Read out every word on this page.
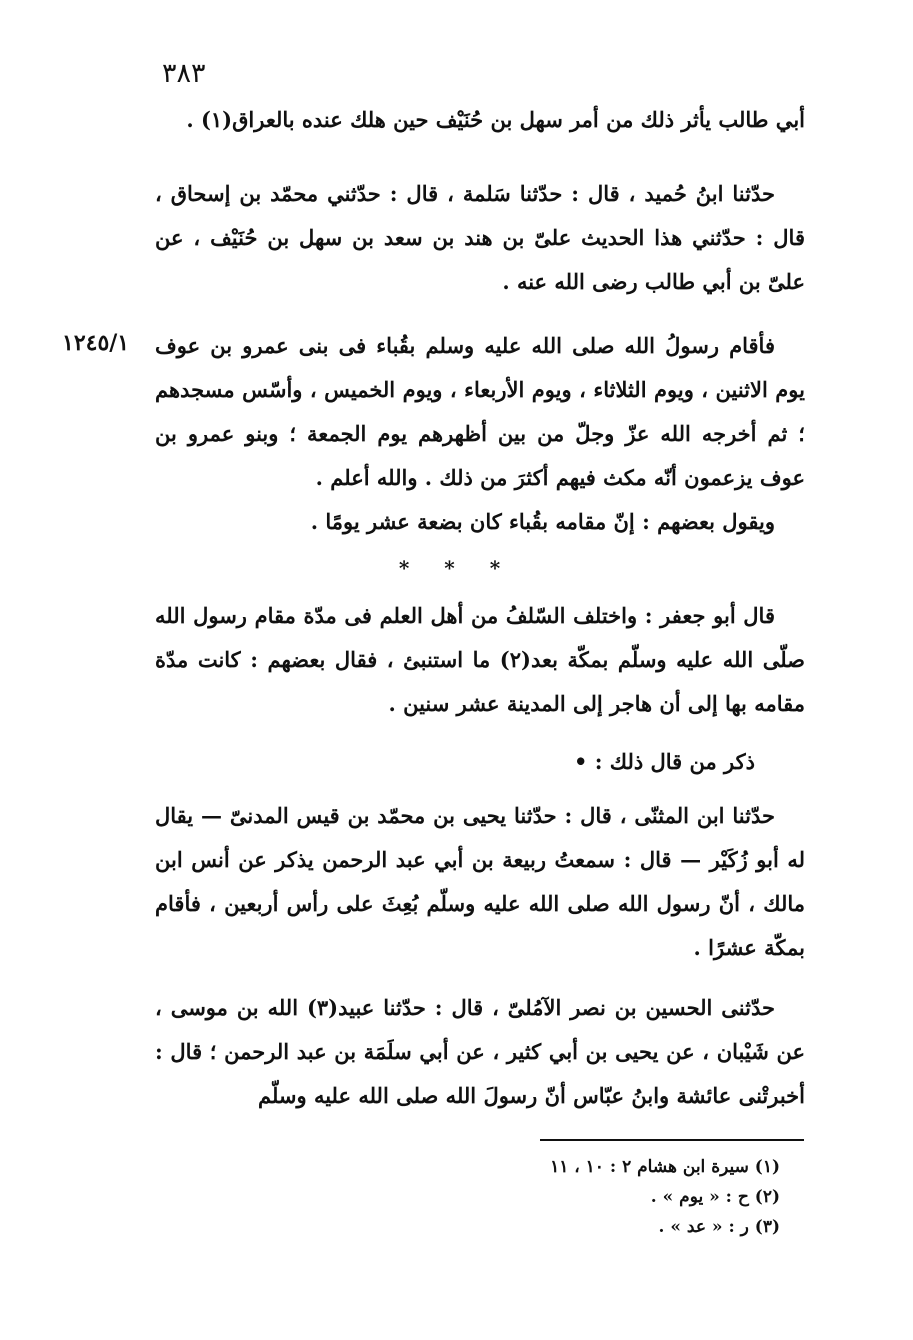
٣٨٣
١٢٤٥/١

أبي طالب يأثر ذلك من أمر سهل بن حُنَيْف حين هلك عنده بالعراق(١) .

حدّثنا ابنُ حُميد ، قال : حدّثنا سَلمة ، قال : حدّثني محمّد بن إسحاق ، قال : حدّثني هذا الحديث علىّ بن هند بن سعد بن سهل بن حُنَيْف ، عن علىّ بن أبي طالب رضى الله عنه .

فأقام رسولُ الله صلى الله عليه وسلم بقُباء فى بنى عمرو بن عوف يوم الاثنين ، ويوم الثلاثاء ، ويوم الأربعاء ، ويوم الخميس ، وأسّس مسجدهم ؛ ثم أخرجه الله عزّ وجلّ من بين أظهرهم يوم الجمعة ؛ وبنو عمرو بن عوف يزعمون أنّه مكث فيهم أكثرَ من ذلك . والله أعلم .

ويقول بعضهم : إنّ مقامه بقُباء كان بضعة عشر يومًا .

* * *

قال أبو جعفر : واختلف السّلفُ من أهل العلم فى مدّة مقام رسول الله صلّى الله عليه وسلّم بمكّة بعد(٢) ما استنبئ ، فقال بعضهم : كانت مدّة مقامه بها إلى أن هاجر إلى المدينة عشر سنين .

ذكر من قال ذلك : •

حدّثنا ابن المثنّى ، قال : حدّثنا يحيى بن محمّد بن قيس المدنىّ — يقال له أبو زُكَيْر — قال : سمعتُ ربيعة بن أبي عبد الرحمن يذكر عن أنس ابن مالك ، أنّ رسول الله صلى الله عليه وسلّم بُعِثَ على رأس أربعين ، فأقام بمكّة عشرًا .

حدّثنى الحسين بن نصر الآمُلىّ ، قال : حدّثنا عبيد(٣) الله بن موسى ، عن شَيْبان ، عن يحيى بن أبي كثير ، عن أبي سلَمَة بن عبد الرحمن ؛ قال : أخبرتْنى عائشة وابنُ عبّاس أنّ رسولَ الله صلى الله عليه وسلّم

(١) سيرة ابن هشام ٢ : ١٠ ، ١١
(٢) ح : « يوم » .
(٣) ر : « عد » .
